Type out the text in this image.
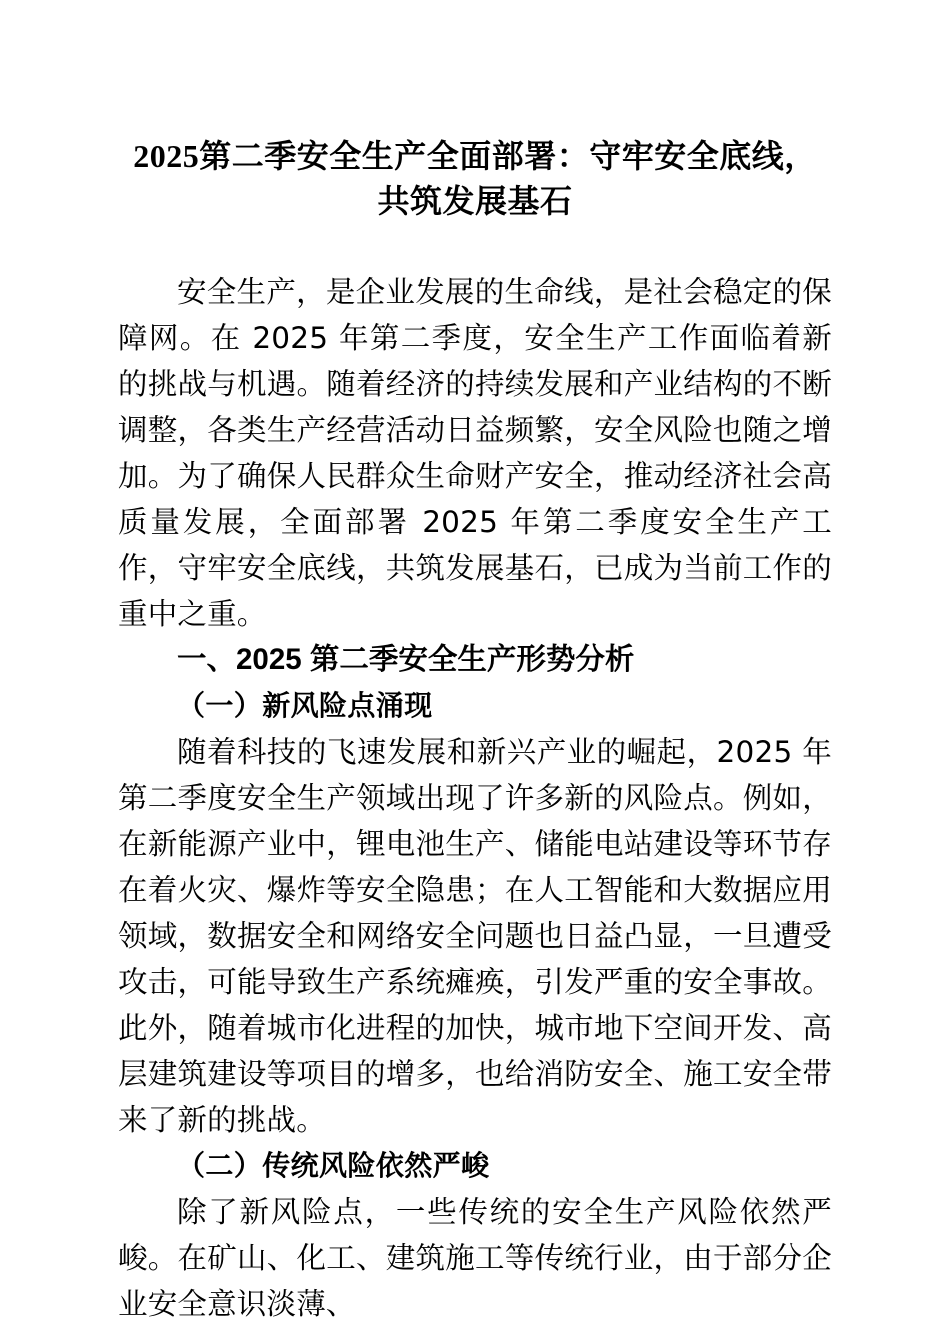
2025第二季安全生产全面部署：守牢安全底线，共筑发展基石

安全生产，是企业发展的生命线，是社会稳定的保障网。在 2025 年第二季度，安全生产工作面临着新的挑战与机遇。随着经济的持续发展和产业结构的不断调整，各类生产经营活动日益频繁，安全风险也随之增加。为了确保人民群众生命财产安全，推动经济社会高质量发展，全面部署 2025 年第二季度安全生产工作，守牢安全底线，共筑发展基石，已成为当前工作的重中之重。

一、2025 第二季安全生产形势分析
（一）新风险点涌现

随着科技的飞速发展和新兴产业的崛起，2025 年第二季度安全生产领域出现了许多新的风险点。例如，在新能源产业中，锂电池生产、储能电站建设等环节存在着火灾、爆炸等安全隐患；在人工智能和大数据应用领域，数据安全和网络安全问题也日益凸显，一旦遭受攻击，可能导致生产系统瘫痪，引发严重的安全事故。此外，随着城市化进程的加快，城市地下空间开发、高层建筑建设等项目的增多，也给消防安全、施工安全带来了新的挑战。

（二）传统风险依然严峻

除了新风险点，一些传统的安全生产风险依然严峻。在矿山、化工、建筑施工等传统行业，由于部分企业安全意识淡薄、
